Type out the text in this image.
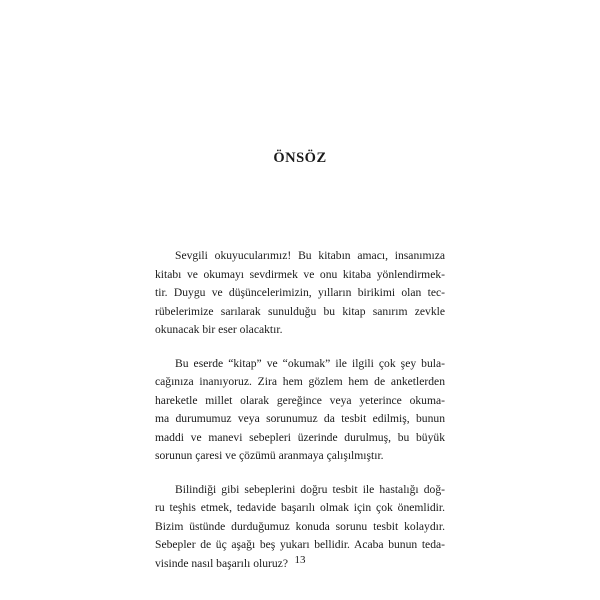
ÖNSÖZ

Sevgili okuyucularımız! Bu kitabın amacı, insanımıza
kitabı ve okumayı sevdirmek ve onu kitaba yönlendirmek-
tir. Duygu ve düşüncelerimizin, yılların birikimi olan tec-
rübelerimize sarılarak sunulduğu bu kitap sanırım zevkle
okunacak bir eser olacaktır.

Bu eserde “kitap” ve “okumak” ile ilgili çok şey bula-
cağınıza inanıyoruz. Zira hem gözlem hem de anketlerden
hareketle millet olarak gereğince veya yeterince okuma-
ma durumumuz veya sorunumuz da tesbit edilmiş, bunun
maddi ve manevi sebepleri üzerinde durulmuş, bu büyük
sorunun çaresi ve çözümü aranmaya çalışılmıştır.

Bilindiği gibi sebeplerini doğru tesbit ile hastalığı doğ-
ru teşhis etmek, tedavide başarılı olmak için çok önemlidir.
Bizim üstünde durduğumuz konuda sorunu tesbit kolaydır.
Sebepler de üç aşağı beş yukarı bellidir. Acaba bunun teda-
visinde nasıl başarılı oluruz? 13
